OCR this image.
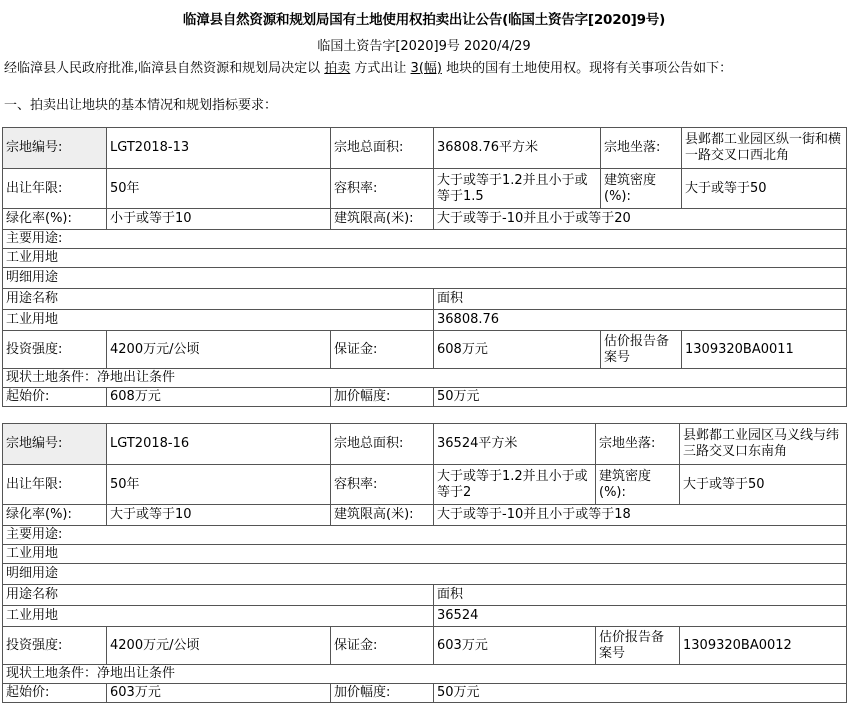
临漳县自然资源和规划局国有土地使用权拍卖出让公告(临国土资告字[2020]9号)
临国土资告字[2020]9号 2020/4/29
经临漳县人民政府批准,临漳县自然资源和规划局决定以 拍卖 方式出让 3(幅) 地块的国有土地使用权。现将有关事项公告如下：
一、拍卖出让地块的基本情况和规划指标要求：
宗地编号:	LGT2018-13	宗地总面积:	36808.76平方米	宗地坐落:	县邺都工业园区纵一街和横一路交叉口西北角
出让年限:	50年	容积率:	大于或等于1.2并且小于或等于1.5	建筑密度(%):	大于或等于50
绿化率(%):	小于或等于10	建筑限高(米):	大于或等于-10并且小于或等于20		
主要用途:					
工业用地					
明细用途					
用途名称			面积		
工业用地			36808.76		
投资强度:	4200万元/公顷	保证金:	608万元	估价报告备案号	1309320BA0011
现状土地条件：净地出让条件					
起始价:	608万元	加价幅度:	50万元		
宗地编号:	LGT2018-16	宗地总面积:	36524平方米	宗地坐落:	县邺都工业园区马义线与纬三路交叉口东南角
出让年限:	50年	容积率:	大于或等于1.2并且小于或等于2	建筑密度(%):	大于或等于50
绿化率(%):	大于或等于10	建筑限高(米):	大于或等于-10并且小于或等于18		
主要用途:					
工业用地					
明细用途					
用途名称			面积		
工业用地			36524		
投资强度:	4200万元/公顷	保证金:	603万元	估价报告备案号	1309320BA0012
现状土地条件：净地出让条件					
起始价:	603万元	加价幅度:	50万元		
